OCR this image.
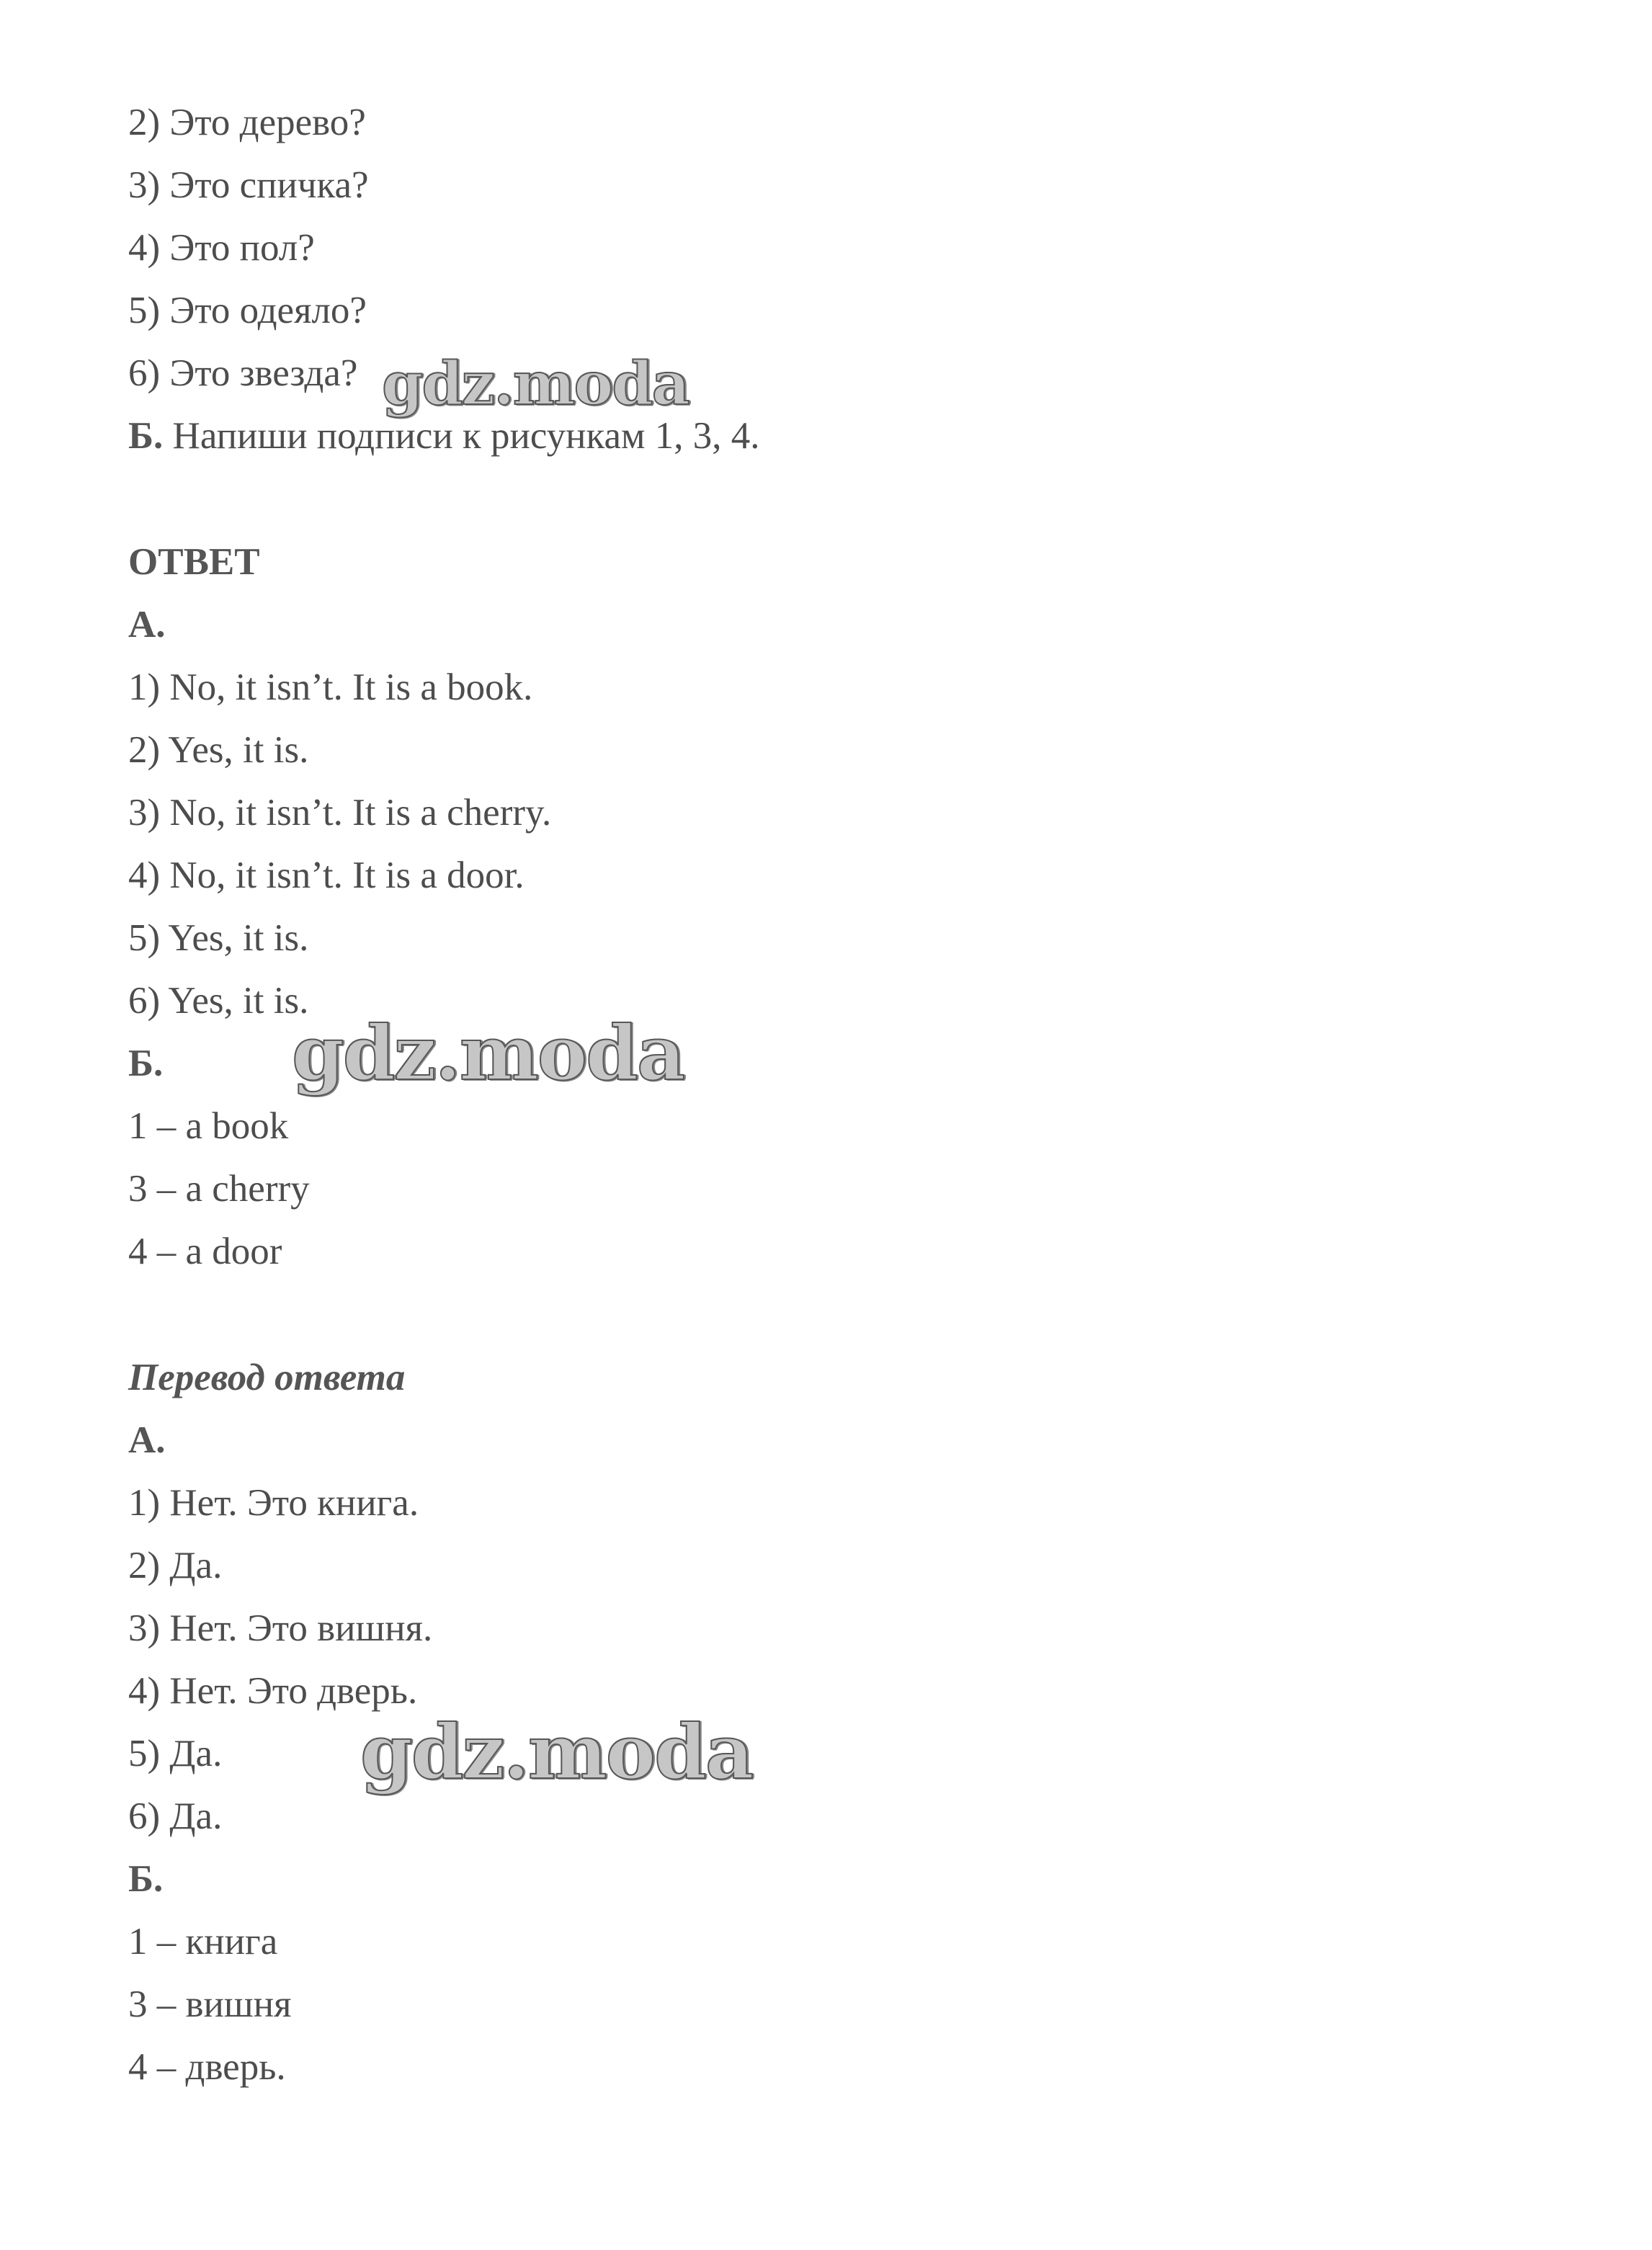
2) Это дерево?
3) Это спичка?
4) Это пол?
5) Это одеяло?
6) Это звезда?
Б. Напиши подписи к рисункам 1, 3, 4.
ОТВЕТ
А.
1) No, it isn’t. It is a book.
2) Yes, it is.
3) No, it isn’t. It is a cherry.
4) No, it isn’t. It is a door.
5) Yes, it is.
6) Yes, it is.
Б.
1 – a book
3 – a cherry
4 – a door
Перевод ответа
А.
1) Нет. Это книга.
2) Да.
3) Нет. Это вишня.
4) Нет. Это дверь.
5) Да.
6) Да.
Б.
1 – книга
3 – вишня
4 – дверь.
gdz.moda
gdz.moda
gdz.moda
